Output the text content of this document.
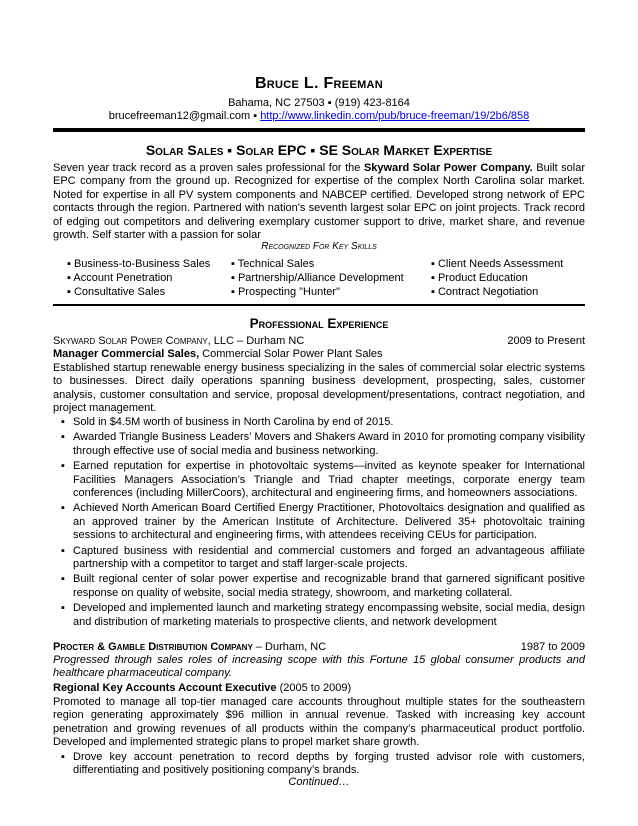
Bruce L. Freeman
Bahama, NC 27503 ▪ (919) 423-8164
brucefreeman12@gmail.com ▪ http://www.linkedin.com/pub/bruce-freeman/19/2b6/858
Solar Sales ▪ Solar EPC ▪ SE Solar Market Expertise
Seven year track record as a proven sales professional for the Skyward Solar Power Company. Built solar EPC company from the ground up. Recognized for expertise of the complex North Carolina solar market. Noted for expertise in all PV system components and NABCEP certified. Developed strong network of EPC contacts through the region. Partnered with nation's seventh largest solar EPC on joint projects. Track record of edging out competitors and delivering exemplary customer support to drive, market share, and revenue growth. Self starter with a passion for solar
Recognized For Key Skills
▪ Business-to-Business Sales
▪ Account Penetration
▪ Consultative Sales
▪ Technical Sales
▪ Partnership/Alliance Development
▪ Prospecting "Hunter"
▪ Client Needs Assessment
▪ Product Education
▪ Contract Negotiation
Professional Experience
Skyward Solar Power Company, LLC – Durham NC	2009 to Present
Manager Commercial Sales, Commercial Solar Power Plant Sales
Established startup renewable energy business specializing in the sales of commercial solar electric systems to businesses. Direct daily operations spanning business development, prospecting, sales, customer analysis, customer consultation and service, proposal development/presentations, contract negotiation, and project management.
▪ Sold in $4.5M worth of business in North Carolina by end of 2015.
▪ Awarded Triangle Business Leaders’ Movers and Shakers Award in 2010 for promoting company visibility through effective use of social media and business networking.
▪ Earned reputation for expertise in photovoltaic systems—invited as keynote speaker for International Facilities Managers Association’s Triangle and Triad chapter meetings, corporate energy team conferences (including MillerCoors), architectural and engineering firms, and homeowners associations.
▪ Achieved North American Board Certified Energy Practitioner, Photovoltaics designation and qualified as an approved trainer by the American Institute of Architecture. Delivered 35+ photovoltaic training sessions to architectural and engineering firms, with attendees receiving CEUs for participation.
▪ Captured business with residential and commercial customers and forged an advantageous affiliate partnership with a competitor to target and staff larger-scale projects.
▪ Built regional center of solar power expertise and recognizable brand that garnered significant positive response on quality of website, social media strategy, showroom, and marketing collateral.
▪ Developed and implemented launch and marketing strategy encompassing website, social media, design and distribution of marketing materials to prospective clients, and network development
Procter & Gamble Distribution Company – Durham, NC	1987 to 2009
Progressed through sales roles of increasing scope with this Fortune 15 global consumer products and healthcare pharmaceutical company.
Regional Key Accounts Account Executive (2005 to 2009)
Promoted to manage all top-tier managed care accounts throughout multiple states for the southeastern region generating approximately $96 million in annual revenue. Tasked with increasing key account penetration and growing revenues of all products within the company’s pharmaceutical product portfolio. Developed and implemented strategic plans to propel market share growth.
▪ Drove key account penetration to record depths by forging trusted advisor role with customers, differentiating and positively positioning company’s brands.
Continued…
